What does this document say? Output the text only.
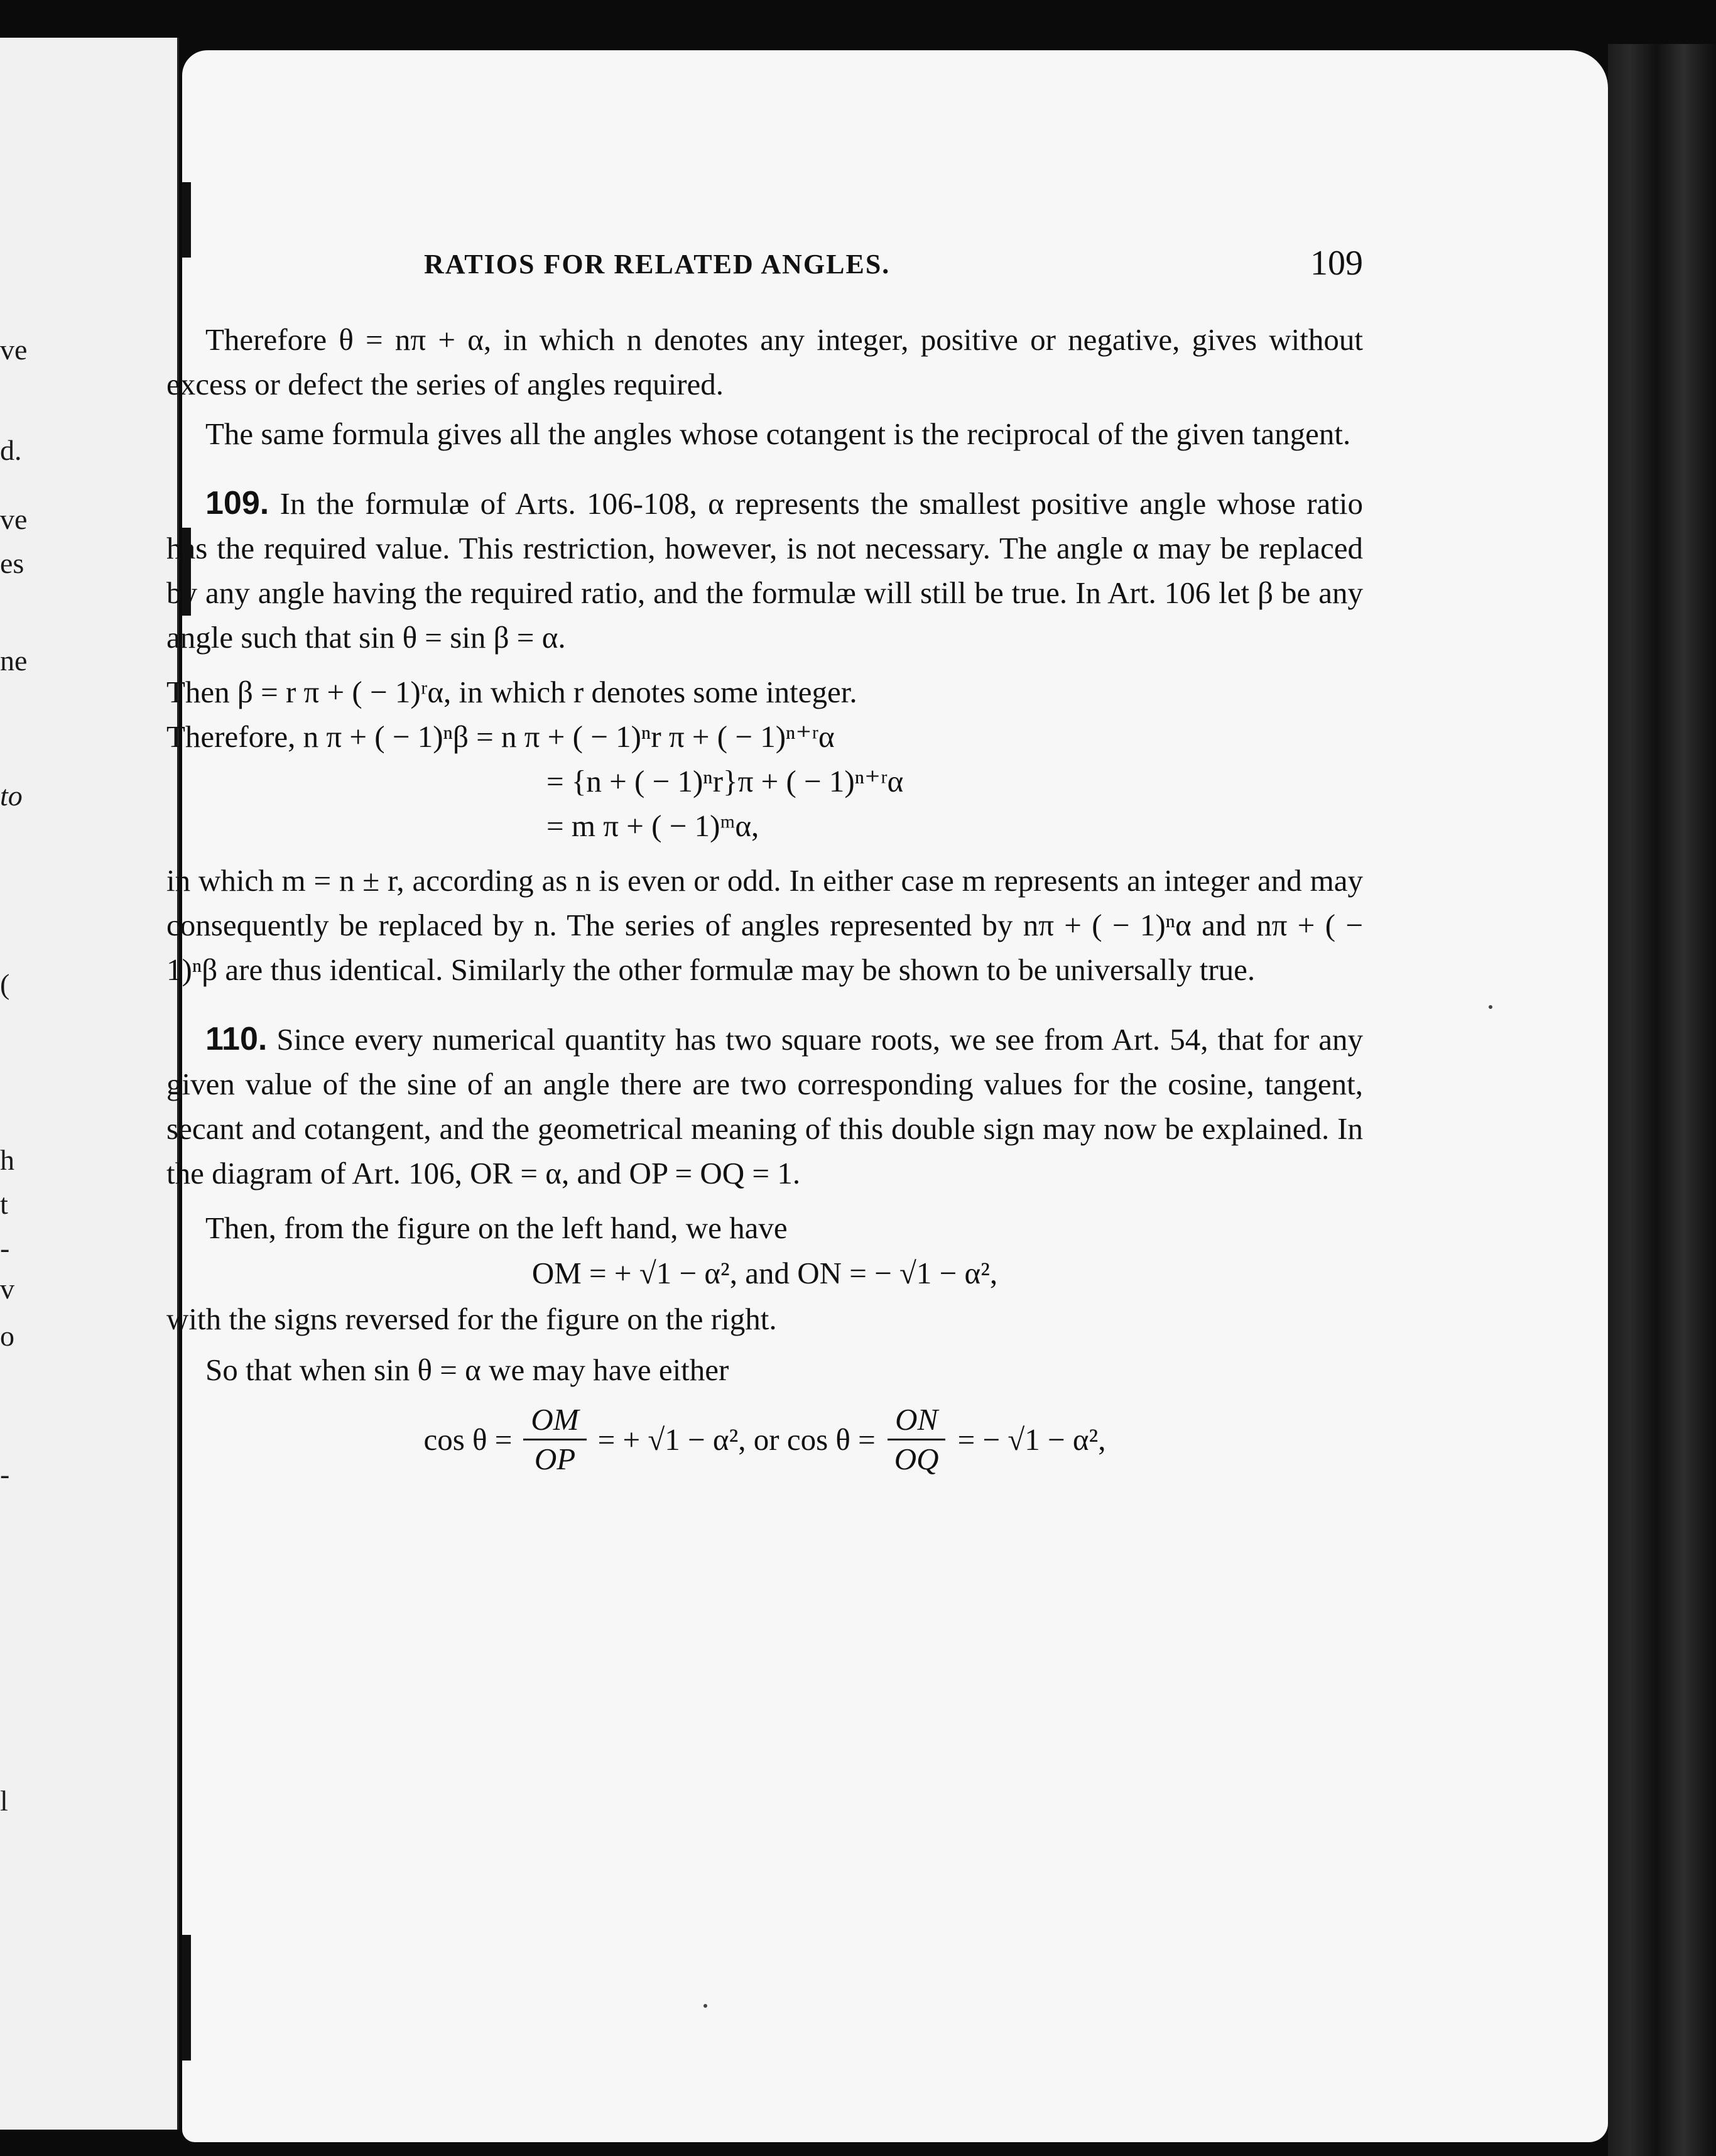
ve
d.
ve
es
ne
to
(
h
t
-
v
o
-
l
RATIOS FOR RELATED ANGLES.	109

Therefore θ = nπ + α, in which n denotes any integer, positive or negative, gives without excess or defect the series of angles required.

The same formula gives all the angles whose cotangent is the reciprocal of the given tangent.

109. In the formulæ of Arts. 106-108, α represents the smallest positive angle whose ratio has the required value. This restriction, however, is not necessary. The angle α may be replaced by any angle having the required ratio, and the formulæ will still be true. In Art. 106 let β be any angle such that sin θ = sin β = α.

Then β = r π + ( − 1)ʳα, in which r denotes some integer.

Therefore, n π + ( − 1)ⁿβ = n π + ( − 1)ⁿr π + ( − 1)ⁿ⁺ʳα

= {n + ( − 1)ⁿr}π + ( − 1)ⁿ⁺ʳα

= m π + ( − 1)ᵐα,

in which m = n ± r, according as n is even or odd. In either case m represents an integer and may consequently be replaced by n. The series of angles represented by nπ + ( − 1)ⁿα and nπ + ( − 1)ⁿβ are thus identical. Similarly the other formulæ may be shown to be universally true.

110. Since every numerical quantity has two square roots, we see from Art. 54, that for any given value of the sine of an angle there are two corresponding values for the cosine, tangent, secant and cotangent, and the geometrical meaning of this double sign may now be explained. In the diagram of Art. 106, OR = α, and OP = OQ = 1.

Then, from the figure on the left hand, we have

OM = + √1 − α², and ON = − √1 − α²,

with the signs reversed for the figure on the right.

So that when sin θ = α we may have either

$\cos \theta = \frac{OM}{OP}$ = + √1 − α², or $\cos \theta = \frac{ON}{OQ}$ = − √1 − α²,
